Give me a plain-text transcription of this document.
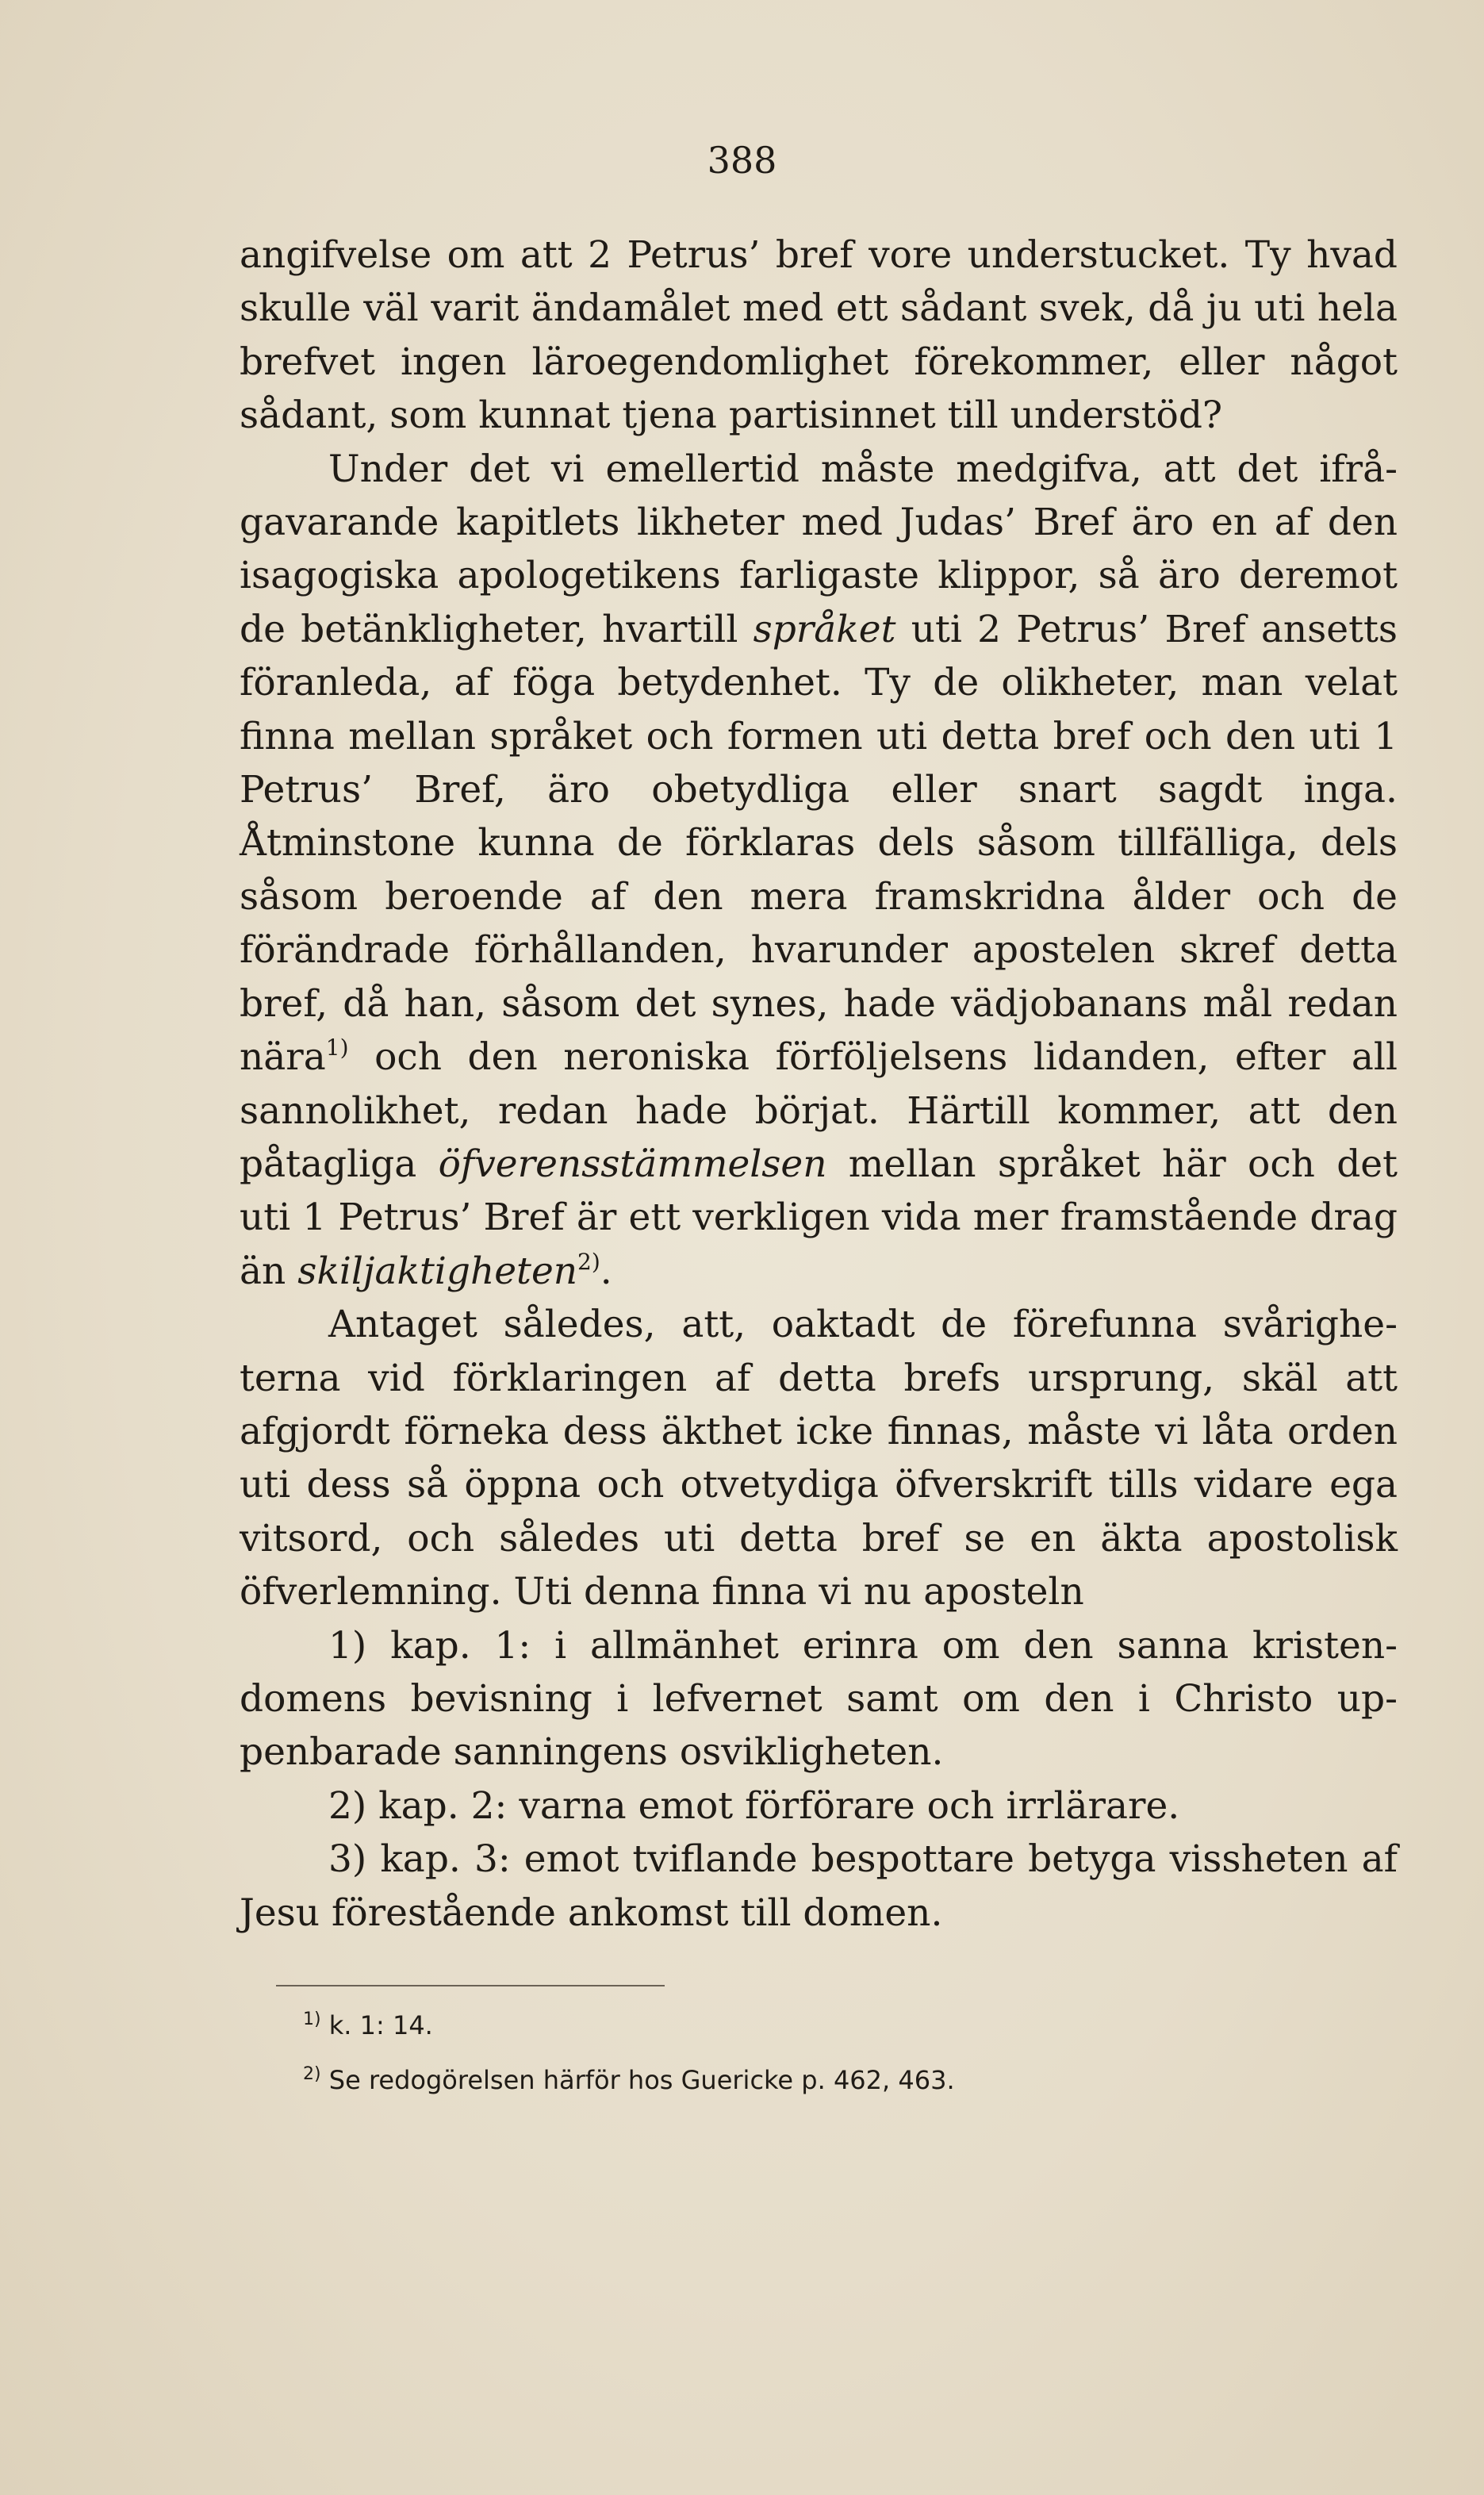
388

angifvelse om att 2 Petrus’ bref vore understucket. Ty hvad skulle väl varit ändamålet med ett sådant svek, då ju uti hela brefvet ingen läroegendomlighet förekommer, eller något sådant, som kunnat tjena partisinnet till understöd?

Under det vi emellertid måste medgifva, att det ifrågavarande kapitlets likheter med Judas’ Bref äro en af den isagogiska apologetikens farligaste klippor, så äro deremot de betänkligheter, hvartill språket uti 2 Petrus’ Bref ansetts föranleda, af föga betydenhet. Ty de olikheter, man velat finna mellan språket och formen uti detta bref och den uti 1 Petrus’ Bref, äro obetydliga eller snart sagdt inga. Åtminstone kunna de förklaras dels såsom tillfälliga, dels såsom beroende af den mera framskridna ålder och de förändrade förhållanden, hvarunder apostelen skref detta bref, då han, såsom det synes, hade vädjobanans mål redan nära$^{1)}$ och den neroniska förföljelsens lidanden, efter all sannolikhet, redan hade börjat. Härtill kommer, att den påtagliga öfverensstämmelsen mellan språket här och det uti 1 Petrus’ Bref är ett verkligen vida mer framstående drag än skiljaktigheten$^{2)}$.

Antaget således, att, oaktadt de förefunna svårigheterna vid förklaringen af detta brefs ursprung, skäl att afgjordt förneka dess äkthet icke finnas, måste vi låta orden uti dess så öppna och otvetydiga öfverskrift tills vidare ega vitsord, och således uti detta bref se en äkta apostolisk öfverlemning. Uti denna finna vi nu aposteln

1) kap. 1: i allmänhet erinra om den sanna kristendomens bevisning i lefvernet samt om den i Christo uppenbarade sanningens osvikligheten.

2) kap. 2: varna emot förförare och irrlärare.

3) kap. 3: emot tviflande bespottare betyga vissheten af Jesu förestående ankomst till domen.

$^{1)}$ k. 1: 14.

$^{2)}$ Se redogörelsen härför hos Guericke p. 462, 463.
